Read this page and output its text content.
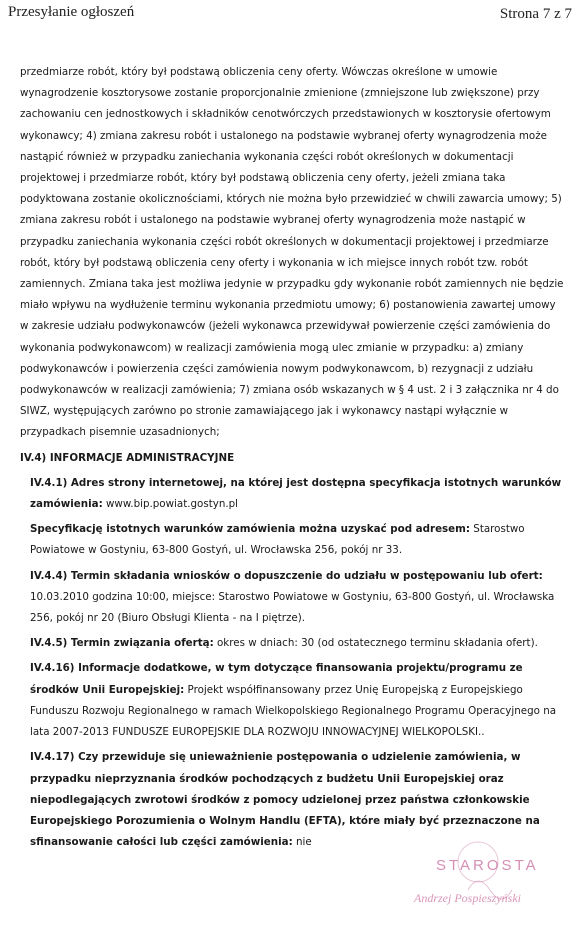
Przesyłanie ogłoszeń	Strona 7 z 7

przedmiarze robót, który był podstawą obliczenia ceny oferty. Wówczas określone w umowie wynagrodzenie kosztorysowe zostanie proporcjonalnie zmienione (zmniejszone lub zwiększone) przy zachowaniu cen jednostkowych i składników cenotwórczych przedstawionych w kosztorysie ofertowym wykonawcy; 4) zmiana zakresu robót i ustalonego na podstawie wybranej oferty wynagrodzenia może nastąpić również w przypadku zaniechania wykonania części robót określonych w dokumentacji projektowej i przedmiarze robót, który był podstawą obliczenia ceny oferty, jeżeli zmiana taka podyktowana zostanie okolicznościami, których nie można było przewidzieć w chwili zawarcia umowy; 5) zmiana zakresu robót i ustalonego na podstawie wybranej oferty wynagrodzenia może nastąpić w przypadku zaniechania wykonania części robót określonych w dokumentacji projektowej i przedmiarze robót, który był podstawą obliczenia ceny oferty i wykonania w ich miejsce innych robót tzw. robót zamiennych. Zmiana taka jest możliwa jedynie w przypadku gdy wykonanie robót zamiennych nie będzie miało wpływu na wydłużenie terminu wykonania przedmiotu umowy; 6) postanowienia zawartej umowy w zakresie udziału podwykonawców (jeżeli wykonawca przewidywał powierzenie części zamówienia do wykonania podwykonawcom) w realizacji zamówienia mogą ulec zmianie w przypadku: a) zmiany podwykonawców i powierzenia części zamówienia nowym podwykonawcom, b) rezygnacji z udziału podwykonawców w realizacji zamówienia; 7) zmiana osób wskazanych w § 4 ust. 2 i 3 załącznika nr 4 do SIWZ, występujących zarówno po stronie zamawiającego jak i wykonawcy nastąpi wyłącznie w przypadkach pisemnie uzasadnionych;

IV.4) INFORMACJE ADMINISTRACYJNE

IV.4.1) Adres strony internetowej, na której jest dostępna specyfikacja istotnych warunków zamówienia: www.bip.powiat.gostyn.pl

Specyfikację istotnych warunków zamówienia można uzyskać pod adresem: Starostwo Powiatowe w Gostyniu, 63-800 Gostyń, ul. Wrocławska 256, pokój nr 33.

IV.4.4) Termin składania wniosków o dopuszczenie do udziału w postępowaniu lub ofert: 10.03.2010 godzina 10:00, miejsce: Starostwo Powiatowe w Gostyniu, 63-800 Gostyń, ul. Wrocławska 256, pokój nr 20 (Biuro Obsługi Klienta - na I piętrze).

IV.4.5) Termin związania ofertą: okres w dniach: 30 (od ostatecznego terminu składania ofert).

IV.4.16) Informacje dodatkowe, w tym dotyczące finansowania projektu/programu ze środków Unii Europejskiej: Projekt współfinansowany przez Unię Europejską z Europejskiego Funduszu Rozwoju Regionalnego w ramach Wielkopolskiego Regionalnego Programu Operacyjnego na lata 2007-2013 FUNDUSZE EUROPEJSKIE DLA ROZWOJU INNOWACYJNEJ WIELKOPOLSKI..

IV.4.17) Czy przewiduje się unieważnienie postępowania o udzielenie zamówienia, w przypadku nieprzyznania środków pochodzących z budżetu Unii Europejskiej oraz niepodlegających zwrotowi środków z pomocy udzielonej przez państwa członkowskie Europejskiego Porozumienia o Wolnym Handlu (EFTA), które miały być przeznaczone na sfinansowanie całości lub części zamówienia: nie

STAROSTA
Andrzej Pospieszyński
